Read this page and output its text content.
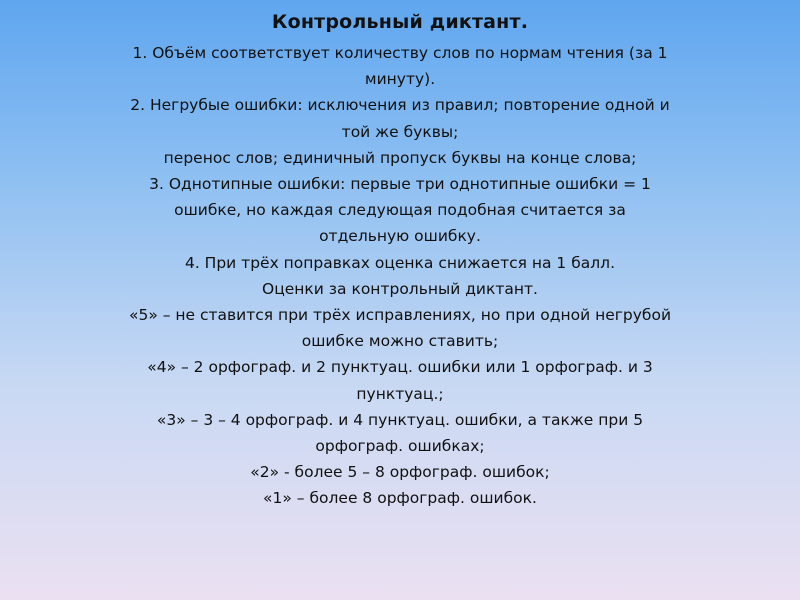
Контрольный диктант.

1. Объём соответствует количеству слов по нормам чтения (за 1

минуту).

2. Негрубые ошибки: исключения из правил; повторение одной и

той же буквы;

перенос слов; единичный пропуск буквы на конце слова;

3. Однотипные ошибки: первые три однотипные ошибки = 1

ошибке, но каждая следующая подобная считается за

отдельную ошибку.

4. При трёх поправках оценка снижается на 1 балл.

Оценки за контрольный диктант.

«5» – не ставится при трёх исправлениях, но при одной негрубой

ошибке можно ставить;

«4» – 2 орфограф. и 2 пунктуац. ошибки или 1 орфограф. и 3

пунктуац.;

«3» – 3 – 4 орфограф. и 4 пунктуац. ошибки, а также при 5

орфограф. ошибках;

«2» - более 5 – 8 орфограф. ошибок;

«1» – более 8 орфограф. ошибок.
